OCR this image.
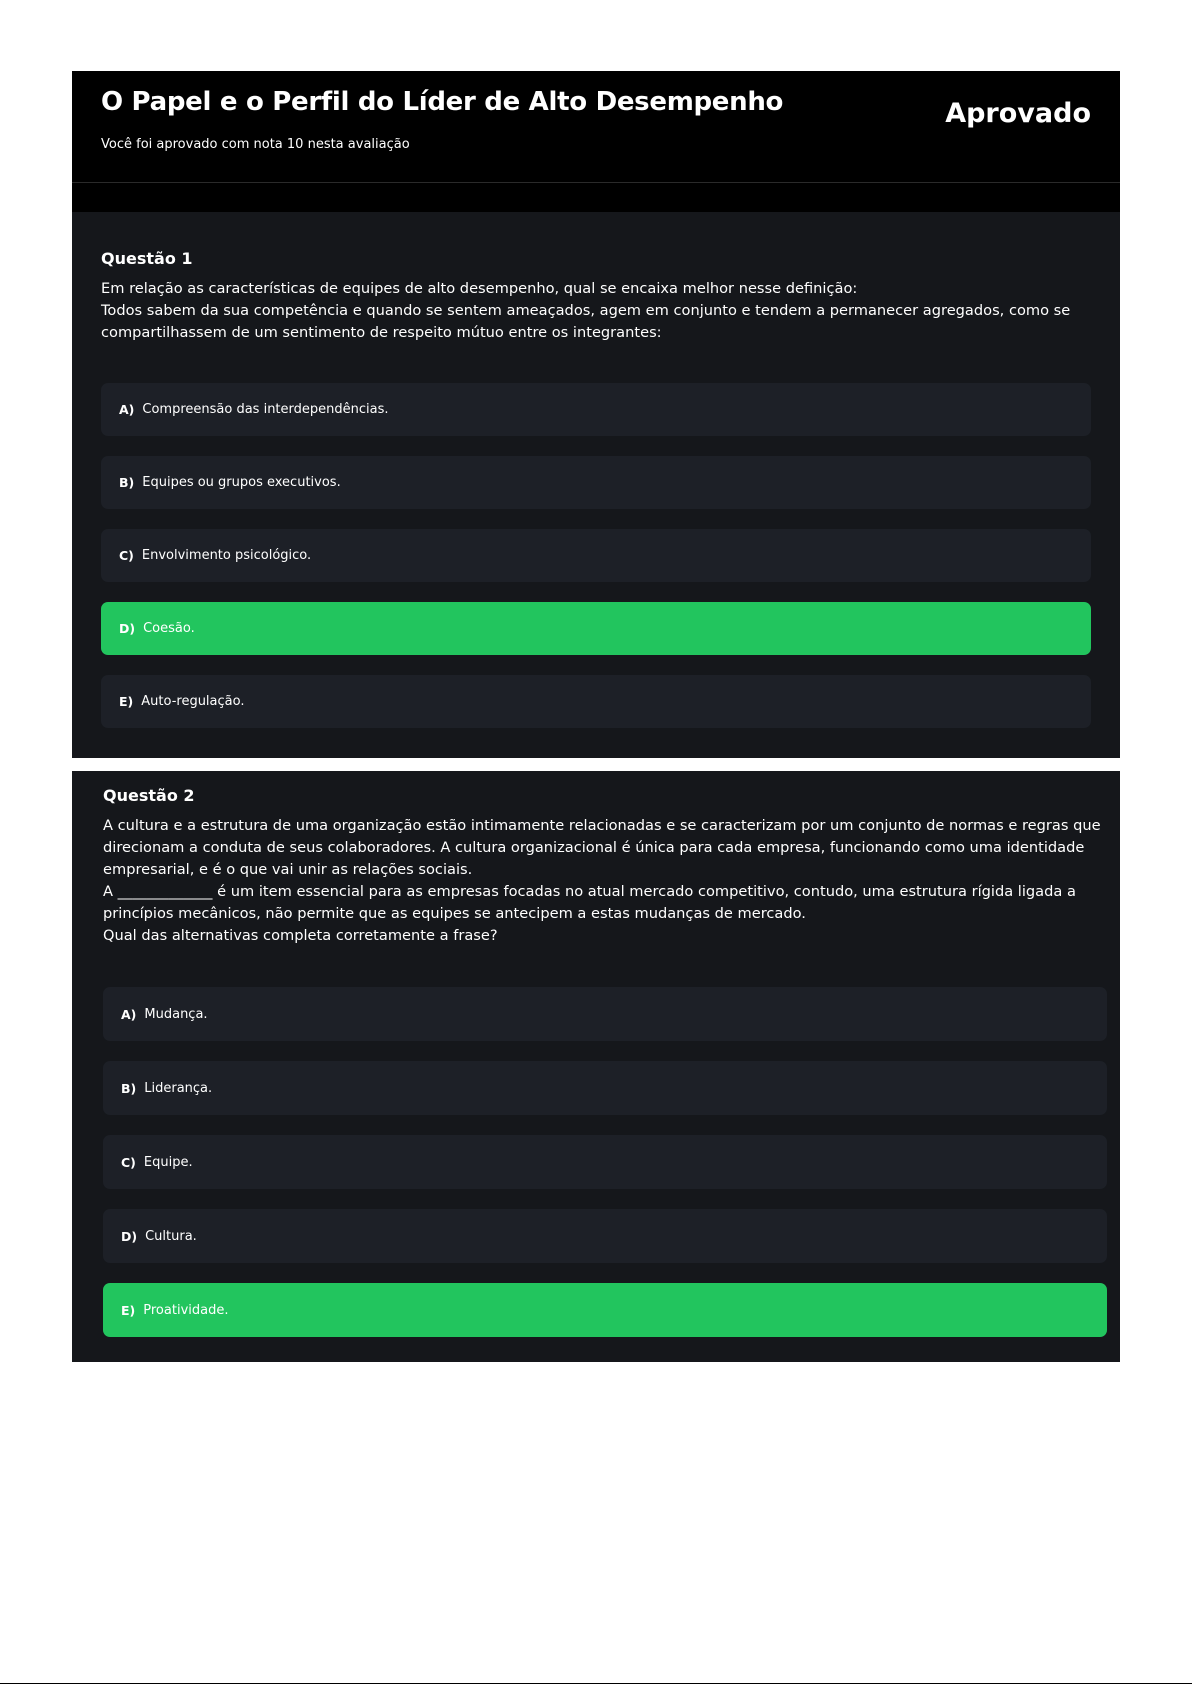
O Papel e o Perfil do Líder de Alto Desempenho
Você foi aprovado com nota 10 nesta avaliação
Aprovado
Questão 1

Em relação as características de equipes de alto desempenho, qual se encaixa melhor nesse definição:
Todos sabem da sua competência e quando se sentem ameaçados, agem em conjunto e tendem a permanecer agregados, como se
compartilhassem de um sentimento de respeito mútuo entre os integrantes:

A) Compreensão das interdependências.
B) Equipes ou grupos executivos.
C) Envolvimento psicológico.
D) Coesão.
E) Auto-regulação.
Questão 2

A cultura e a estrutura de uma organização estão intimamente relacionadas e se caracterizam por um conjunto de normas e regras que direcionam a conduta de seus colaboradores. A cultura organizacional é única para cada empresa, funcionando como uma identidade empresarial, e é o que vai unir as relações sociais.
A _____________ é um item essencial para as empresas focadas no atual mercado competitivo, contudo, uma estrutura rígida ligada a princípios mecânicos, não permite que as equipes se antecipem a estas mudanças de mercado.
Qual das alternativas completa corretamente a frase?

A) Mudança.
B) Liderança.
C) Equipe.
D) Cultura.
E) Proatividade.
